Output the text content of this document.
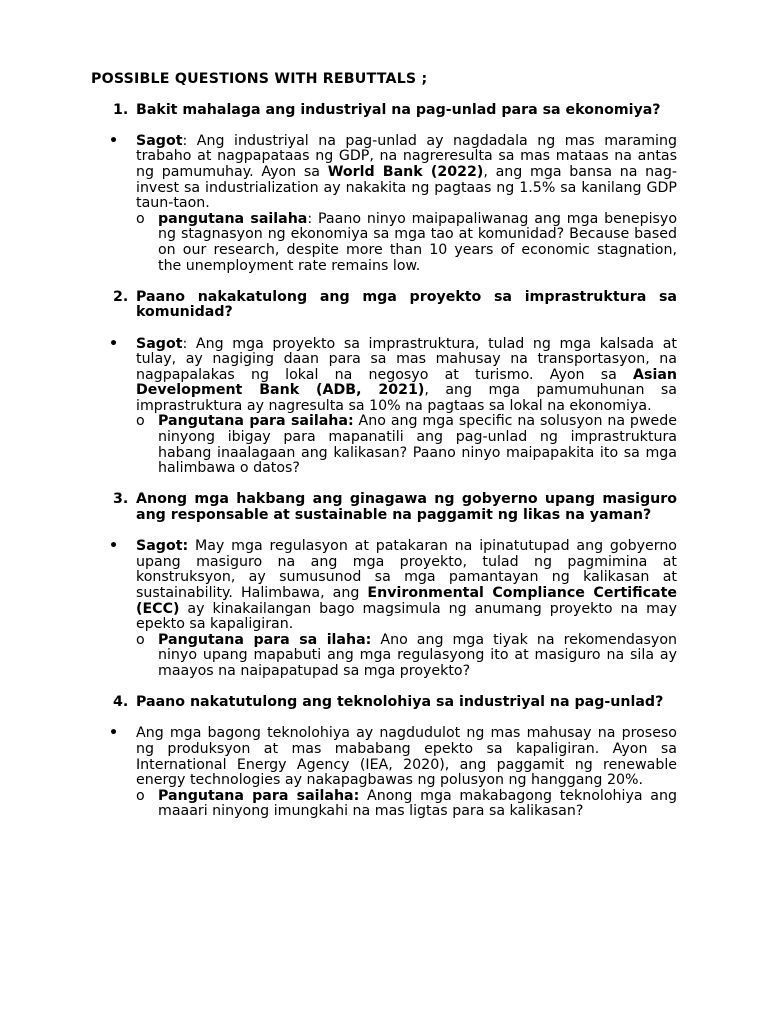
POSSIBLE QUESTIONS WITH REBUTTALS ;
1. Bakit mahalaga ang industriyal na pag-unlad para sa ekonomiya?
•	Sagot: Ang industriyal na pag-unlad ay nagdadala ng mas maraming trabaho at nagpapataas ng GDP, na nagreresulta sa mas mataas na antas ng pamumuhay. Ayon sa World Bank (2022), ang mga bansa na nag-invest sa industrialization ay nakakita ng pagtaas ng 1.5% sa kanilang GDP taun-taon.
o pangutana sailaha: Paano ninyo maipapaliwanag ang mga benepisyo ng stagnasyon ng ekonomiya sa mga tao at komunidad? Because based on our research, despite more than 10 years of economic stagnation, the unemployment rate remains low.
2. Paano nakakatulong ang mga proyekto sa imprastruktura sa komunidad?
•	Sagot: Ang mga proyekto sa imprastruktura, tulad ng mga kalsada at tulay, ay nagiging daan para sa mas mahusay na transportasyon, na nagpapalakas ng lokal na negosyo at turismo. Ayon sa Asian Development Bank (ADB, 2021), ang mga pamumuhunan sa imprastruktura ay nagresulta sa 10% na pagtaas sa lokal na ekonomiya.
o Pangutana para sailaha: Ano ang mga specific na solusyon na pwede ninyong ibigay para mapanatili ang pag-unlad ng imprastruktura habang inaalagaan ang kalikasan? Paano ninyo maipapakita ito sa mga halimbawa o datos?
3. Anong mga hakbang ang ginagawa ng gobyerno upang masiguro ang responsable at sustainable na paggamit ng likas na yaman?
•	Sagot: May mga regulasyon at patakaran na ipinatutupad ang gobyerno upang masiguro na ang mga proyekto, tulad ng pagmimina at konstruksyon, ay sumusunod sa mga pamantayan ng kalikasan at sustainability. Halimbawa, ang Environmental Compliance Certificate (ECC) ay kinakailangan bago magsimula ng anumang proyekto na may epekto sa kapaligiran.
o Pangutana para sa ilaha: Ano ang mga tiyak na rekomendasyon ninyo upang mapabuti ang mga regulasyong ito at masiguro na sila ay maayos na naipapatupad sa mga proyekto?
4. Paano nakatutulong ang teknolohiya sa industriyal na pag-unlad?
•	Ang mga bagong teknolohiya ay nagdudulot ng mas mahusay na proseso ng produksyon at mas mababang epekto sa kapaligiran. Ayon sa International Energy Agency (IEA, 2020), ang paggamit ng renewable energy technologies ay nakapagbawas ng polusyon ng hanggang 20%.
o Pangutana para sailaha: Anong mga makabagong teknolohiya ang maaari ninyong imungkahi na mas ligtas para sa kalikasan?
